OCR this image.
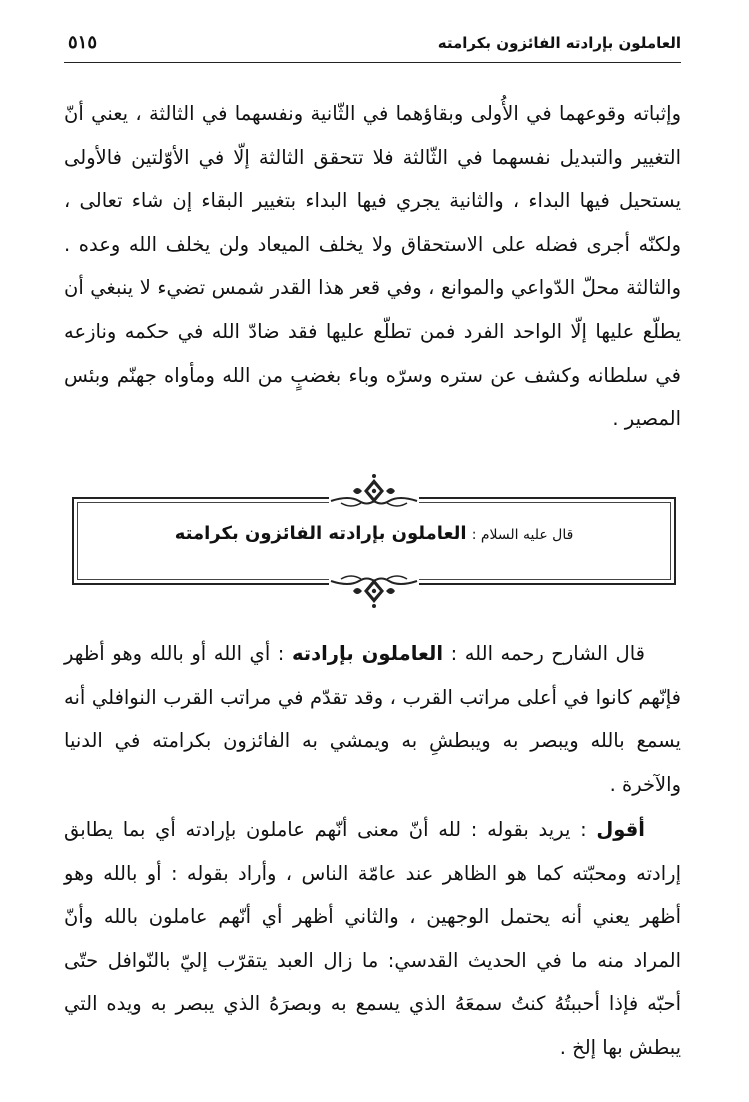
العاملون بإرادته الفائزون بكرامته
٥١٥

وإثباته وقوعهما في الأُولى وبقاؤهما في الثّانية ونفسهما في الثالثة ، يعني أنّ التغيير والتبديل نفسهما في الثّالثة فلا تتحقق الثالثة إلّا في الأوّلتين فالأولى يستحيل فيها البداء ، والثانية يجري فيها البداء بتغيير البقاء إن شاء تعالى ، ولكنّه أجرى فضله على الاستحقاق ولا يخلف الميعاد ولن يخلف الله وعده . والثالثة محلّ الدّواعي والموانع ، وفي قعر هذا القدر شمس تضيء لا ينبغي أن يطلّع عليها إلّا الواحد الفرد فمن تطلّع عليها فقد ضادّ الله في حكمه ونازعه في سلطانه وكشف عن ستره وسرّه وباء بغضبٍ من الله ومأواه جهنّم وبئس المصير .

قال عليه السلام : العاملون بإرادته الفائزون بكرامته

قال الشارح رحمه الله : العاملون بإرادته : أي الله أو بالله وهو أظهر فإنّهم كانوا في أعلى مراتب القرب ، وقد تقدّم في مراتب القرب النوافلي أنه يسمع بالله ويبصر به ويبطشِ به ويمشي به الفائزون بكرامته في الدنيا والآخرة .

أقول : يريد بقوله : لله أنّ معنى أنّهم عاملون بإرادته أي بما يطابق إرادته ومحبّته كما هو الظاهر عند عامّة الناس ، وأراد بقوله : أو بالله وهو أظهر يعني أنه يحتمل الوجهين ، والثاني أظهر أي أنّهم عاملون بالله وأنّ المراد منه ما في الحديث القدسي: ما زال العبد يتقرّب إليّ بالنّوافل حتّى أحبّه فإذا أحببتُهُ كنتُ سمعَهُ الذي يسمع به وبصرَهُ الذي يبصر به ويده التي يبطش بها إلخ .
